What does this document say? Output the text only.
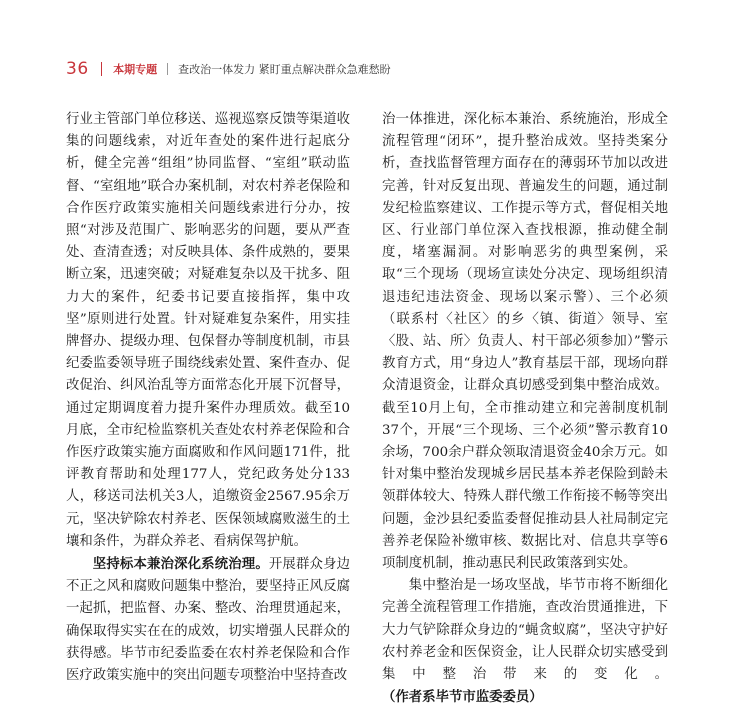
36 本期专题 查改治一体发力 紧盯重点解决群众急难愁盼

行业主管部门单位移送、巡视巡察反馈等渠道收集的问题线索，对近年查处的案件进行起底分析，健全完善“组组”协同监督、“室组”联动监督、“室组地”联合办案机制，对农村养老保险和合作医疗政策实施相关问题线索进行分办，按照“对涉及范围广、影响恶劣的问题，要从严查处、查清查透；对反映具体、条件成熟的，要果断立案，迅速突破；对疑难复杂以及干扰多、阻力大的案件，纪委书记要直接指挥，集中攻坚”原则进行处置。针对疑难复杂案件，用实挂牌督办、提级办理、包保督办等制度机制，市县纪委监委领导班子围绕线索处置、案件查办、促改促治、纠风治乱等方面常态化开展下沉督导，通过定期调度着力提升案件办理质效。截至10月底，全市纪检监察机关查处农村养老保险和合作医疗政策实施方面腐败和作风问题171件，批评教育帮助和处理177人，党纪政务处分133人，移送司法机关3人，追缴资金2567.95余万元，坚决铲除农村养老、医保领域腐败滋生的土壤和条件，为群众养老、看病保驾护航。

坚持标本兼治深化系统治理。开展群众身边不正之风和腐败问题集中整治，要坚持正风反腐一起抓，把监督、办案、整改、治理贯通起来，确保取得实实在在的成效，切实增强人民群众的获得感。毕节市纪委监委在农村养老保险和合作医疗政策实施中的突出问题专项整治中坚持查改

治一体推进，深化标本兼治、系统施治，形成全流程管理“闭环”，提升整治成效。坚持类案分析，查找监督管理方面存在的薄弱环节加以改进完善，针对反复出现、普遍发生的问题，通过制发纪检监察建议、工作提示等方式，督促相关地区、行业部门单位深入查找根源，推动健全制度，堵塞漏洞。对影响恶劣的典型案例，采取“三个现场（现场宣读处分决定、现场组织清退违纪违法资金、现场以案示警）、三个必须（联系村〈社区〉的乡〈镇、街道〉领导、室〈股、站、所〉负责人、村干部必须参加）”警示教育方式，用“身边人”教育基层干部，现场向群众清退资金，让群众真切感受到集中整治成效。截至10月上旬，全市推动建立和完善制度机制37个，开展“三个现场、三个必须”警示教育10余场，700余户群众领取清退资金40余万元。如针对集中整治发现城乡居民基本养老保险到龄未领群体较大、特殊人群代缴工作衔接不畅等突出问题，金沙县纪委监委督促推动县人社局制定完善养老保险补缴审核、数据比对、信息共享等6项制度机制，推动惠民利民政策落到实处。

集中整治是一场攻坚战，毕节市将不断细化完善全流程管理工作措施，查改治贯通推进，下大力气铲除群众身边的“蝇贪蚁腐”，坚决守护好农村养老金和医保资金，让人民群众切实感受到集中整治带来的变化。（作者系毕节市监委委员）
